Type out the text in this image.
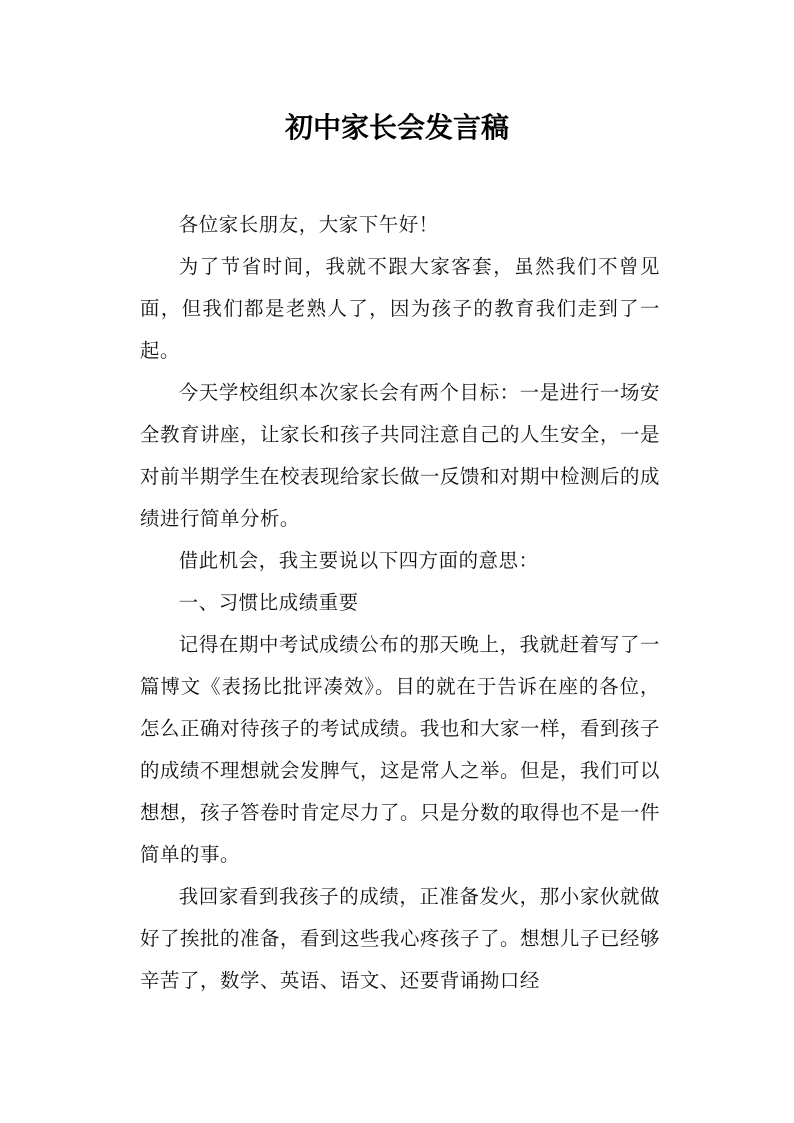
初中家长会发言稿

各位家长朋友，大家下午好！

为了节省时间，我就不跟大家客套，虽然我们不曾见面，但我们都是老熟人了，因为孩子的教育我们走到了一起。

今天学校组织本次家长会有两个目标：一是进行一场安全教育讲座，让家长和孩子共同注意自己的人生安全，一是对前半期学生在校表现给家长做一反馈和对期中检测后的成绩进行简单分析。

借此机会，我主要说以下四方面的意思：

一、习惯比成绩重要

记得在期中考试成绩公布的那天晚上，我就赶着写了一篇博文《表扬比批评凑效》。目的就在于告诉在座的各位，怎么正确对待孩子的考试成绩。我也和大家一样，看到孩子的成绩不理想就会发脾气，这是常人之举。但是，我们可以想想，孩子答卷时肯定尽力了。只是分数的取得也不是一件简单的事。

我回家看到我孩子的成绩，正准备发火，那小家伙就做好了挨批的准备，看到这些我心疼孩子了。想想儿子已经够辛苦了，数学、英语、语文、还要背诵拗口经
